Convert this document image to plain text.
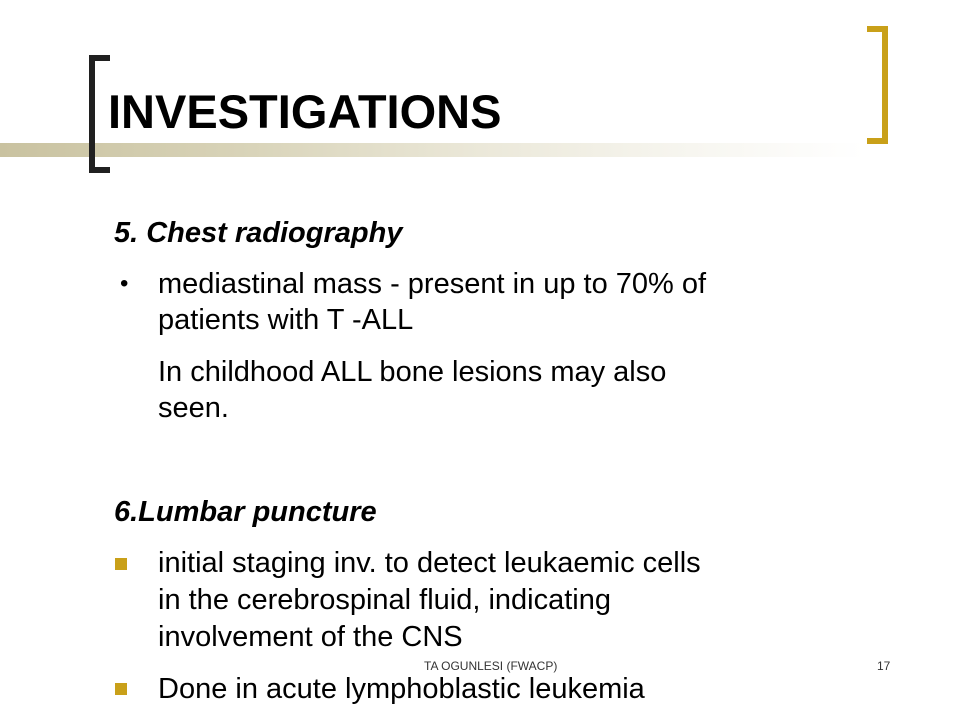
INVESTIGATIONS
5. Chest radiography
• mediastinal mass - present in up to 70% of
patients with T -ALL
In childhood ALL bone lesions may also
seen.
6.Lumbar puncture
initial staging inv. to detect leukaemic cells
in the cerebrospinal fluid, indicating
involvement of the CNS
Done in acute lymphoblastic leukemia
TA OGUNLESI (FWACP)	17
